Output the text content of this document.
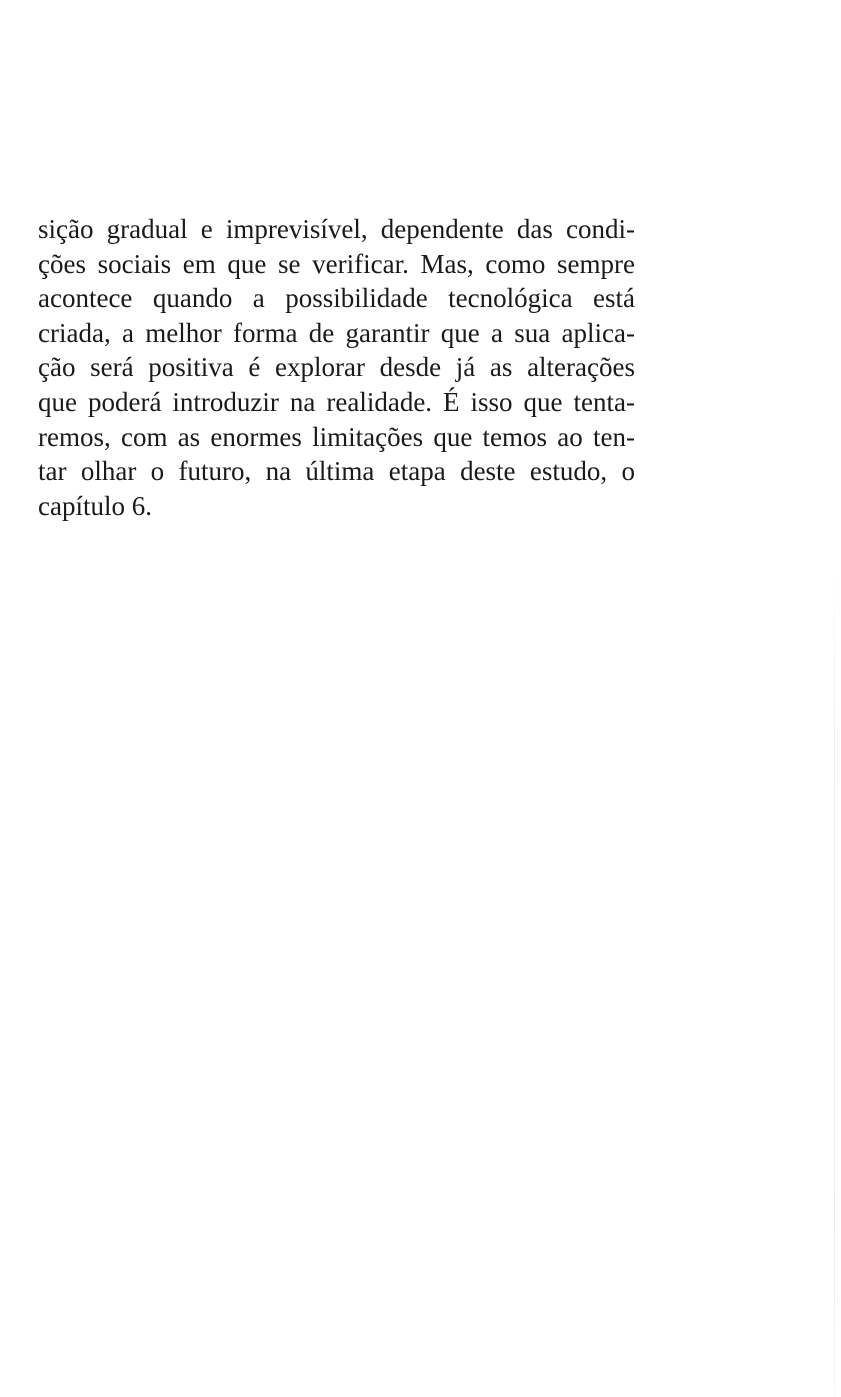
sição gradual e imprevisível, dependente das condi-
ções sociais em que se verificar. Mas, como sempre
acontece quando a possibilidade tecnológica está
criada, a melhor forma de garantir que a sua aplica-
ção será positiva é explorar desde já as alterações
que poderá introduzir na realidade. É isso que tenta-
remos, com as enormes limitações que temos ao ten-
tar olhar o futuro, na última etapa deste estudo, o
capítulo 6.
